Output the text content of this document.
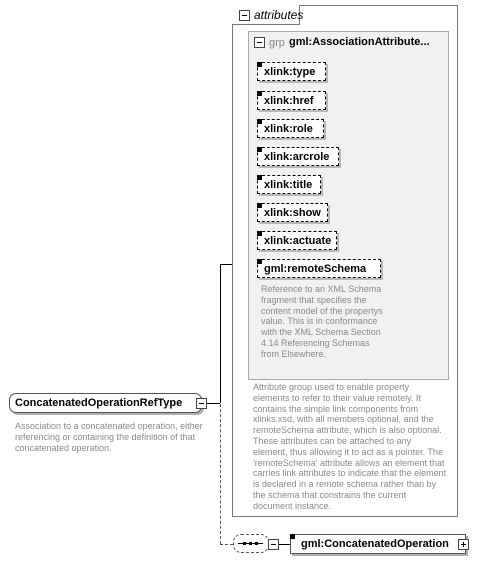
attributes
grp gml:AssociationAttribute...
xlink:type
xlink:href
xlink:role
xlink:arcrole
xlink:title
xlink:show
xlink:actuate
gml:remoteSchema
Reference to an XML Schema fragment that specifies the content model of the propertys value. This is in conformance with the XML Schema Section 4.14 Referencing Schemas from Elsewhere.
Attribute group used to enable property elements to refer to their value remotely. It contains the simple link components from xlinks.xsd, with all members optional, and the remoteSchema attribute, which is also optional. These attributes can be attached to any element, thus allowing it to act as a pointer. The 'remoteSchema' attribute allows an element that carries link attributes to indicate that the element is declared in a remote schema rather than by the schema that constrains the current document instance.
ConcatenatedOperationRefType
Association to a concatenated operation, either referencing or containing the definition of that concatenated operation.
gml:ConcatenatedOperation
